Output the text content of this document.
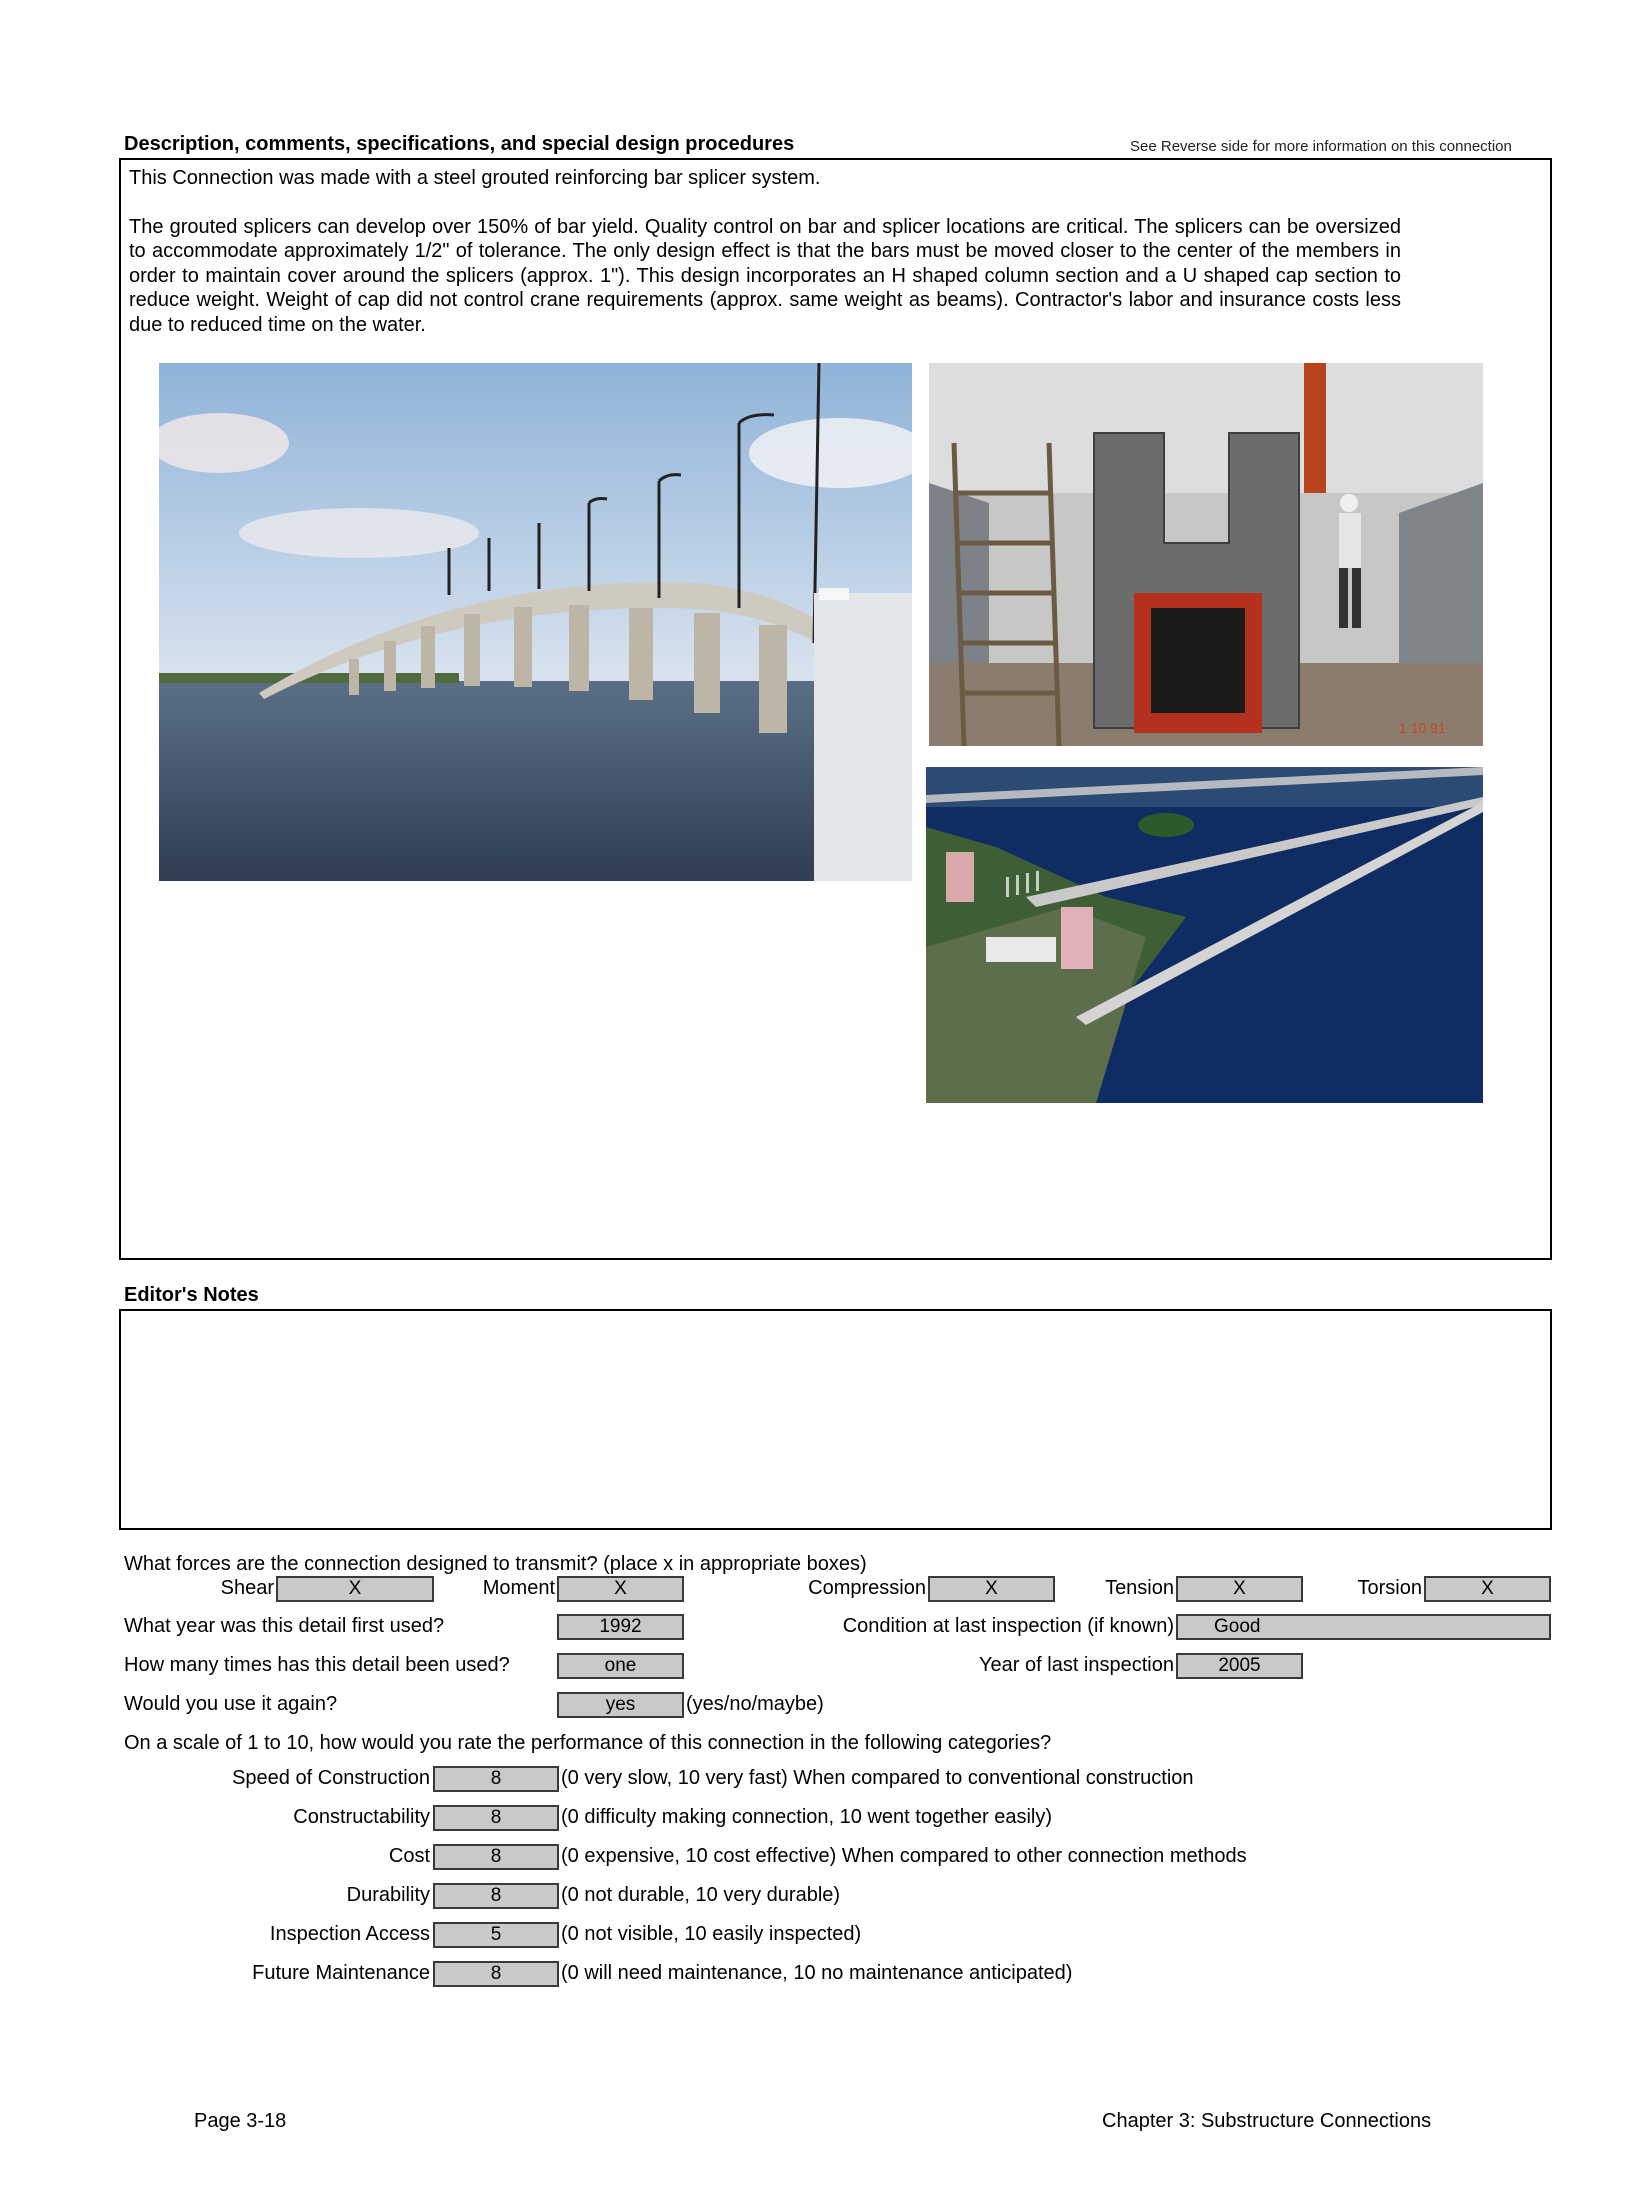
Description, comments, specifications, and special design procedures	See Reverse side for more information on this connection

This Connection was made with a steel grouted reinforcing bar splicer system.

The grouted splicers can develop over 150% of bar yield. Quality control on bar and splicer locations are critical. The splicers can be oversized to accommodate approximately 1/2" of tolerance. The only design effect is that the bars must be moved closer to the center of the members in order to maintain cover around the splicers (approx. 1"). This design incorporates an H shaped column section and a U shaped cap section to reduce weight. Weight of cap did not control crane requirements (approx. same weight as beams). Contractor's labor and insurance costs less due to reduced time on the water.

1 10 91
Editor's Notes
What forces are the connection designed to transmit? (place x in appropriate boxes)
Shear	X	Moment	X	Compression	X	Tension	X	Torsion	X
What year was this detail first used?	1992	Condition at last inspection (if known)	Good
How many times has this detail been used?	one	Year of last inspection	2005
Would you use it again?	yes	(yes/no/maybe)
On a scale of 1 to 10, how would you rate the performance of this connection in the following categories?
Speed of Construction	8	(0 very slow, 10 very fast) When compared to conventional construction
Constructability	8	(0 difficulty making connection, 10 went together easily)
Cost	8	(0 expensive, 10 cost effective) When compared to other connection methods
Durability	8	(0 not durable, 10 very durable)
Inspection Access	5	(0 not visible, 10 easily inspected)
Future Maintenance	8	(0 will need maintenance, 10 no maintenance anticipated)
Page 3-18	Chapter 3: Substructure Connections
